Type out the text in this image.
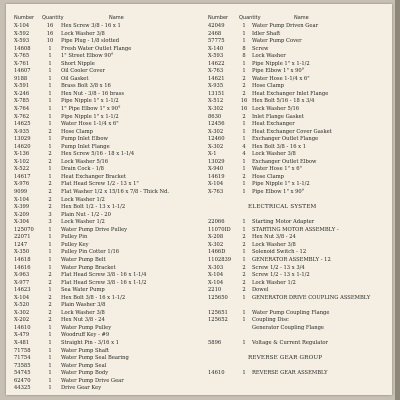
Number Quantity	Name
X-104	16	Hex Screw 3/8 - 16 x 1
X-592	16	Lock Washer 3/8
X-593	10	Pipe Plug - 1/8 slotted
14608	1	Fresh Water Outlet Flange
X-765	1	1" Street Elbow 90°
X-761	1	Short Nipple
14607	1	Oil Cooler Cover
9188	1	Oil Gasket
X-591	1	Brass Bolt 3/8 x 16
X-246	1	Hex Nut - 3/8 - 16 brass
X-785	1	Pipe Nipple 1" x 1-1/2
X-764	1	1" Pipe Elbow 1" x 90°
X-762	1	Pipe Nipple 1" x 1-1/2
14625	1	Water Hose 1-1/4 x 6"
X-935	2	Hose Clamp
13029	1	Pump Inlet Elbow
14620	1	Pump Inlet Flange
X-136	2	Hex Screw 5/16 - 18 x 1-1/4
X-102	2	Lock Washer 5/16
X-522	1	Drain Cock - 1/8
14617	1	Heat Exchanger Bracket
X-976	2	Flat Head Screw 1/2 - 13 x 1"
9099	2	Flat Washer 1/2 x 15/16 x 7/8 - Thick Nd.
X-104	2	Lock Washer 1/2
X-399	2	Hex Bolt 1/2 - 13 x 1-1/2
X-209	3	Plain Nut - 1/2 - 20
X-304	3	Lock Washer 1/2
125070	1	Water Pump Drive Pulley
22071	1	Pulley Pin
1247	1	Pulley Key
X-350	1	Pulley Pin Cotter 1/16
14618	1	Water Pump Belt
14616	1	Water Pump Bracket
X-963	2	Flat Head Screw 3/8 - 16 x 1-1/4
X-977	2	Flat Head Screw 3/8 - 16 x 1-1/2
14623	1	Sea Water Pump
X-104	2	Hex Bolt 3/8 - 16 x 1-1/2
X-520	2	Plain Washer 3/8
X-302	2	Lock Washer 3/8
X-202	2	Hex Nut 3/8 - 24
14610	1	Water Pump Pulley
X-479	1	Woodruff Key - #9
X-481	1	Straight Pin - 3/16 x 1
71758	1	Water Pump Shaft
71754	1	Water Pump Seal Bearing
73585	1	Water Pump Seal
54745	1	Water Pump Body
62470	1	Water Pump Drive Gear
44325	1	Drive Gear Key
Number Quantity	Name
42049	1	Water Pump Driven Gear
2468	1	Idler Shaft
57775	1	Water Pump Cover
X-140	8	Screw
X-593	8	Lock Washer
14622	1	Pipe Nipple 1" x 1-1/2
X-763	1	Pipe Elbow 1" x 90°
14621	2	Water Hose 1-1/4 x 6"
X-935	2	Hose Clamp
13151	2	Heat Exchanger Inlet Flange
X-512	16 Hex Bolt 5/16 - 18 x 3/4
X-302	16 Lock Washer 5/16
8630	2	Inlet Flange Gasket
12456	1	Heat Exchanger
X-302	1	Heat Exchanger Cover Gasket
12460	1	Exchanger Outlet Flange
X-302	4	Hex Bolt 3/8 - 16 x 1
X-1	4	Lock Washer 3/8
13029	1	Exchanger Outlet Elbow
X-940	1	Water Hose 1" x 6"
14619	2	Hose Clamp
X-104	1	Pipe Nipple 1" x 1-1/2
X-763	1	Pipe Elbow 1" x 90°
ELECTRICAL SYSTEM
22066	1	Starting Motor Adapter
11070ID	1	STARTING MOTOR ASSEMBLY -
X-208	2	Hex Nut 3/8 - 24
X-302	2	Lock Washer 3/8
1466D	1	Solenoid Switch - 12
1102839	1	GENERATOR ASSEMBLY - 12
X-303	2	Screw 1/2 - 13 x 3/4
X-104	2	Screw 1/2 - 13 x 1-1/2
X-104	2	Lock Washer 1/2
2210	2	Dowel
125650	1	GENERATOR DRIVE COUPLING ASSEMBLY
125651	1	Water Pump Coupling Flange
125652	1	Coupling Disc
Generator Coupling Flange
5896	1	Voltage & Current Regulator
REVERSE GEAR GROUP
14610	1	REVERSE GEAR ASSEMBLY
